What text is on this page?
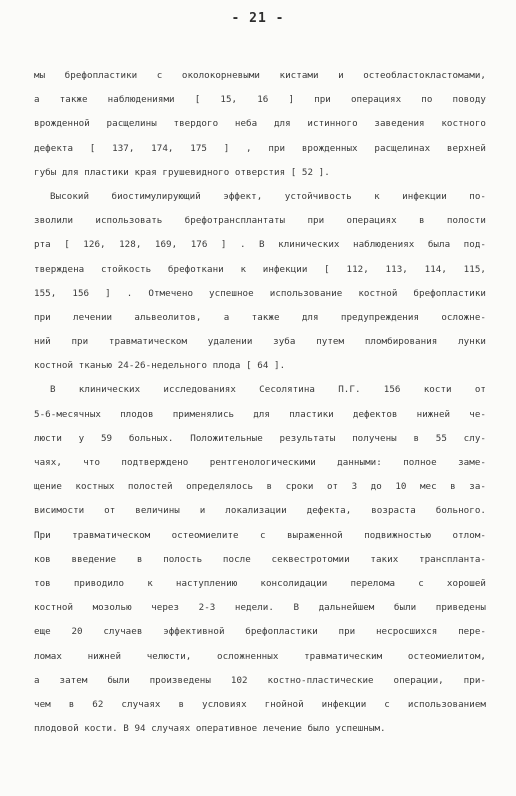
- 21 -
мы брефопластики с околокорневыми кистами и остеобластокластомами,
а также наблюдениями [ 15, 16 ] при операциях по поводу
врожденной расщелины твердого неба для истинного заведения костного
дефекта [ 137, 174, 175 ] , при врожденных расщелинах верхней
губы для пластики края грушевидного отверстия [ 52 ].
Высокий биостимулирующий эффект, устойчивость к инфекции по-
зволили использовать брефотрансплантаты при операциях в полости
рта [ 126, 128, 169, 176 ] . В клинических наблюдениях была под-
тверждена стойкость брефоткани к инфекции [ 112, 113, 114, 115,
155, 156 ] . Отмечено успешное использование костной брефопластики
при лечении альвеолитов, а также для предупреждения осложне-
ний при травматическом удалении зуба путем пломбирования лунки
костной тканью 24-26-недельного плода [ 64 ].
В клинических исследованиях Сесолятина П.Г. 156 кости от
5-6-месячных плодов применялись для пластики дефектов нижней че-
люсти у 59 больных. Положительные результаты получены в 55 слу-
чаях, что подтверждено рентгенологическими данными: полное заме-
щение костных полостей определялось в сроки от 3 до 10 мес в за-
висимости от величины и локализации дефекта, возраста больного.
При травматическом остеомиелите с выраженной подвижностью отлом-
ков введение в полость после секвестротомии таких транспланта-
тов приводило к наступлению консолидации перелома с хорошей
костной мозолью через 2-3 недели. В дальнейшем были приведены
еще 20 случаев эффективной брефопластики при несросшихся пере-
ломах нижней челюсти, осложненных травматическим остеомиелитом,
а затем были произведены 102 костно-пластические операции, при-
чем в 62 случаях в условиях гнойной инфекции с использованием
плодовой кости. В 94 случаях оперативное лечение было успешным.
